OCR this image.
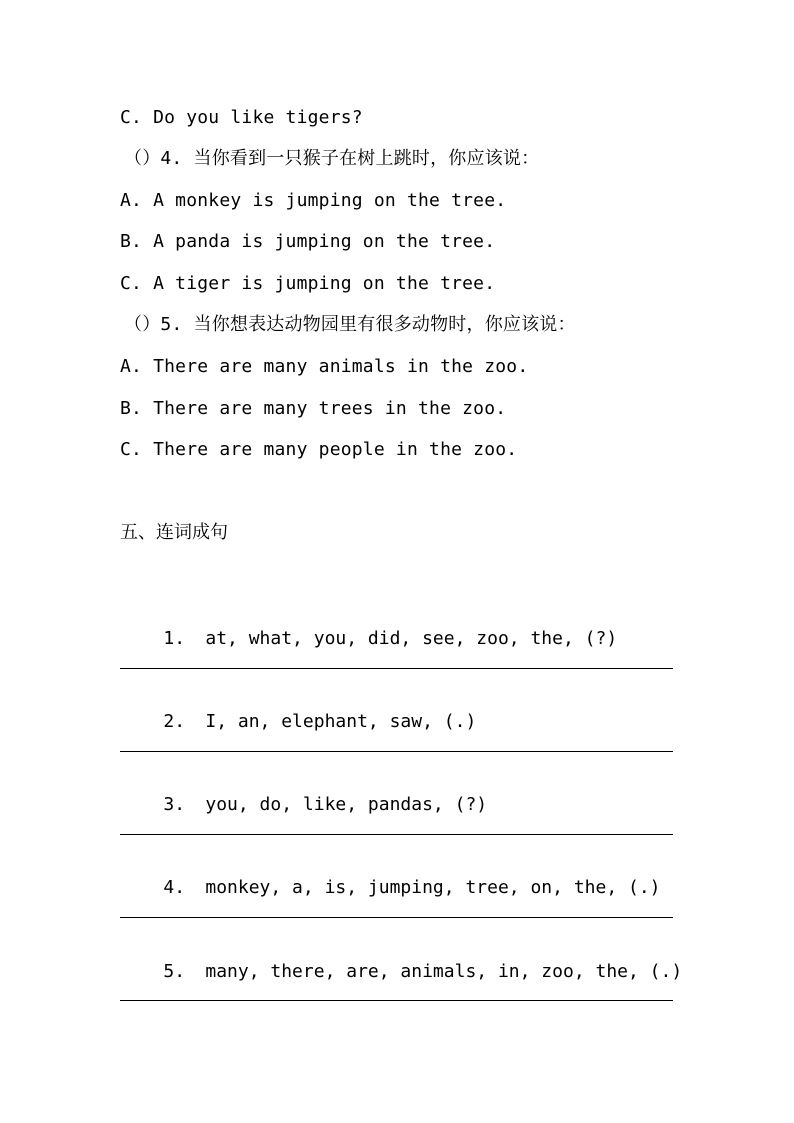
C. Do you like tigers?
（）4. 当你看到一只猴子在树上跳时，你应该说：
A. A monkey is jumping on the tree.
B. A panda is jumping on the tree.
C. A tiger is jumping on the tree.
（）5. 当你想表达动物园里有很多动物时，你应该说：
A. There are many animals in the zoo.
B. There are many trees in the zoo.
C. There are many people in the zoo.
五、连词成句

1. at, what, you, did, see, zoo, the, (?)

2. I, an, elephant, saw, (.)

3. you, do, like, pandas, (?)

4. monkey, a, is, jumping, tree, on, the, (.)

5. many, there, are, animals, in, zoo, the, (.)
